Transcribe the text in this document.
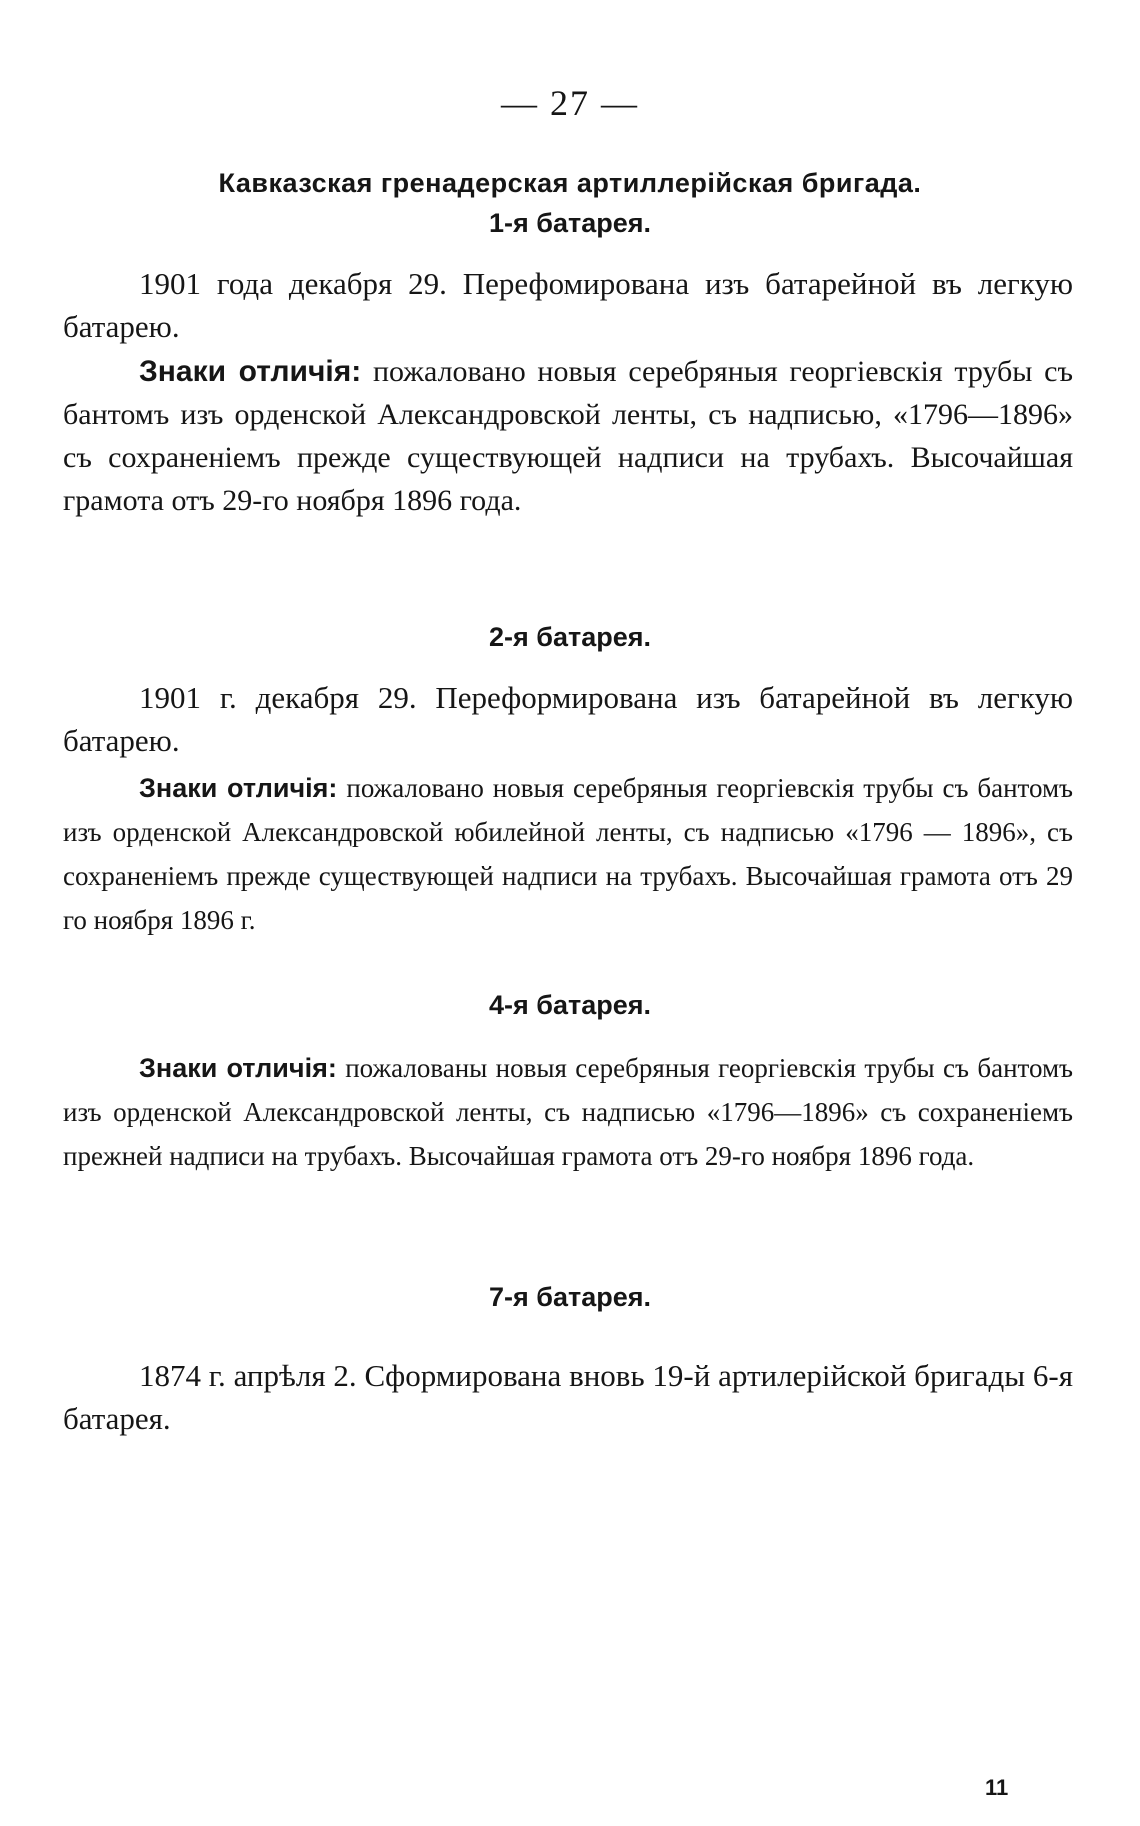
— 27 —
Кавказская гренадерская артиллерійская бригада.
1-я батарея.
1901 года декабря 29. Перефомирована изъ батарейной въ легкую батарею.
Знаки отличія: пожаловано новыя серебряныя георгіевскія трубы съ бантомъ изъ орденской Александровской ленты, съ надписью, «1796—1896» съ сохраненіемъ прежде существующей надписи на трубахъ. Высочайшая грамота отъ 29-го ноября 1896 года.
2-я батарея.
1901 г. декабря 29. Переформирована изъ батарейной въ легкую батарею.
Знаки отличія: пожаловано новыя серебряныя георгіевскія трубы съ бантомъ изъ орденской Александровской юбилейной ленты, съ надписью «1796 — 1896», съ сохраненіемъ прежде существующей надписи на трубахъ. Высочайшая грамота отъ 29 го ноября 1896 г.
4-я батарея.
Знаки отличія: пожалованы новыя серебряныя георгіевскія трубы съ бантомъ изъ орденской Александровской ленты, съ надписью «1796—1896» съ сохраненіемъ прежней надписи на трубахъ. Высочайшая грамота отъ 29-го ноября 1896 года.
7-я батарея.
1874 г. апрѣля 2. Сформирована вновь 19-й артилерійской бригады 6-я батарея.
11
